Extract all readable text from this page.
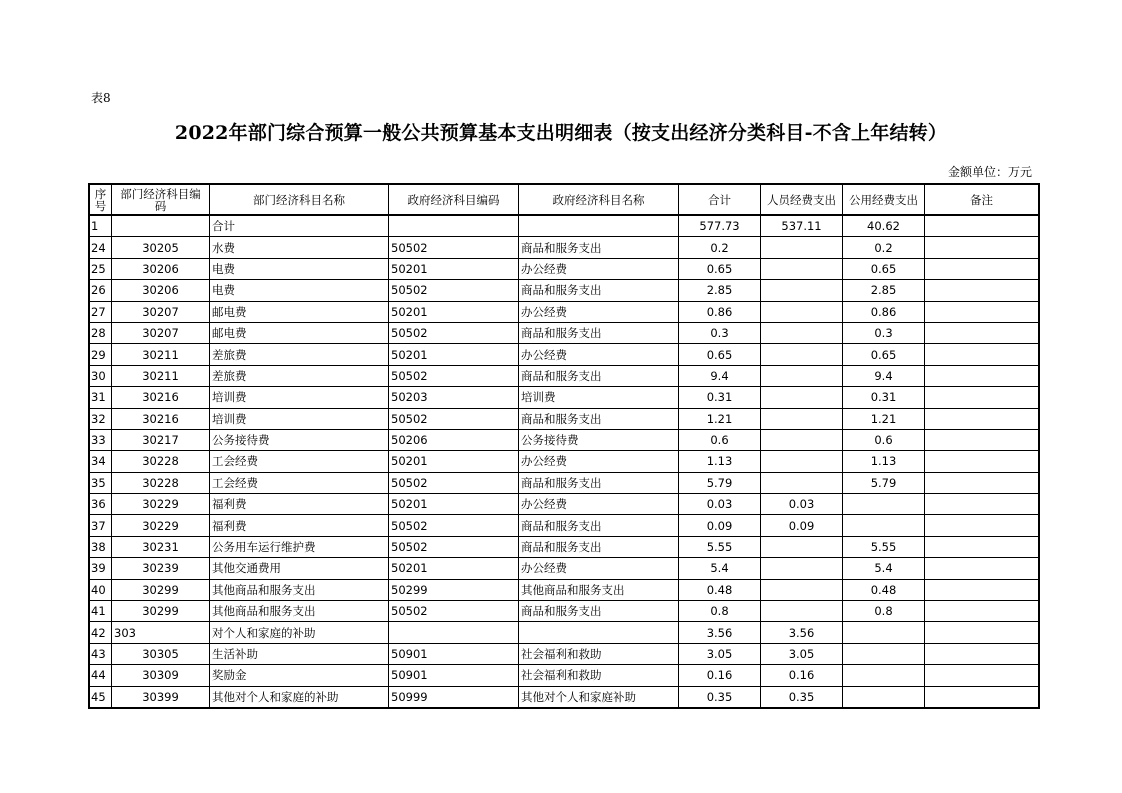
表8
2022年部门综合预算一般公共预算基本支出明细表（按支出经济分类科目-不含上年结转）
金额单位：万元
序号	部门经济科目编码	部门经济科目名称	政府经济科目编码	政府经济科目名称	合计	人员经费支出	公用经费支出	备注
1		合计			577.73	537.11	40.62	
24	30205	水费	50502	商品和服务支出	0.2		0.2	
25	30206	电费	50201	办公经费	0.65		0.65	
26	30206	电费	50502	商品和服务支出	2.85		2.85	
27	30207	邮电费	50201	办公经费	0.86		0.86	
28	30207	邮电费	50502	商品和服务支出	0.3		0.3	
29	30211	差旅费	50201	办公经费	0.65		0.65	
30	30211	差旅费	50502	商品和服务支出	9.4		9.4	
31	30216	培训费	50203	培训费	0.31		0.31	
32	30216	培训费	50502	商品和服务支出	1.21		1.21	
33	30217	公务接待费	50206	公务接待费	0.6		0.6	
34	30228	工会经费	50201	办公经费	1.13		1.13	
35	30228	工会经费	50502	商品和服务支出	5.79		5.79	
36	30229	福利费	50201	办公经费	0.03	0.03		
37	30229	福利费	50502	商品和服务支出	0.09	0.09		
38	30231	公务用车运行维护费	50502	商品和服务支出	5.55		5.55	
39	30239	其他交通费用	50201	办公经费	5.4		5.4	
40	30299	其他商品和服务支出	50299	其他商品和服务支出	0.48		0.48	
41	30299	其他商品和服务支出	50502	商品和服务支出	0.8		0.8	
42	303	对个人和家庭的补助			3.56	3.56		
43	30305	生活补助	50901	社会福利和救助	3.05	3.05		
44	30309	奖励金	50901	社会福利和救助	0.16	0.16		
45	30399	其他对个人和家庭的补助	50999	其他对个人和家庭补助	0.35	0.35		
